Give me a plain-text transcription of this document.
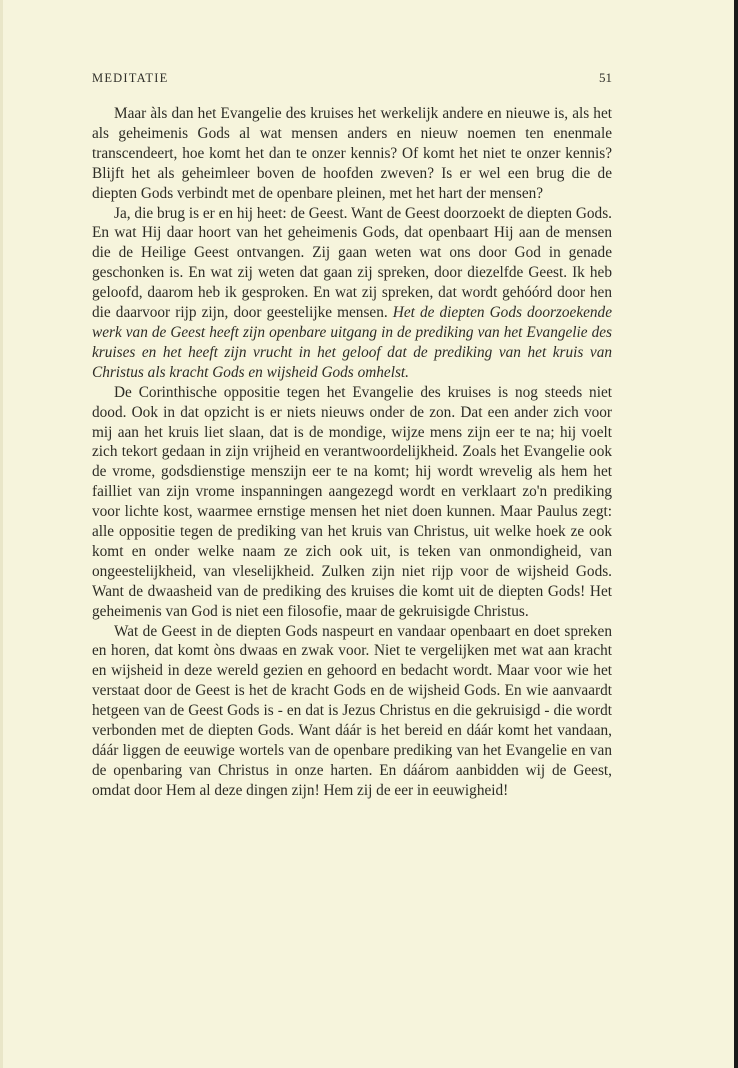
MEDITATIE	51

Maar àls dan het Evangelie des kruises het werkelijk andere en nieuwe is, als het als geheimenis Gods al wat mensen anders en nieuw noemen ten enenmale transcendeert, hoe komt het dan te onzer kennis? Of komt het niet te onzer kennis? Blijft het als geheimleer boven de hoofden zweven? Is er wel een brug die de diepten Gods verbindt met de openbare pleinen, met het hart der mensen?

Ja, die brug is er en hij heet: de Geest. Want de Geest doorzoekt de diepten Gods. En wat Hij daar hoort van het geheimenis Gods, dat openbaart Hij aan de mensen die de Heilige Geest ontvangen. Zij gaan weten wat ons door God in genade geschonken is. En wat zij weten dat gaan zij spreken, door diezelfde Geest. Ik heb geloofd, daarom heb ik gesproken. En wat zij spreken, dat wordt gehóórd door hen die daarvoor rijp zijn, door geestelijke mensen. Het de diepten Gods doorzoekende werk van de Geest heeft zijn openbare uitgang in de prediking van het Evangelie des kruises en het heeft zijn vrucht in het geloof dat de prediking van het kruis van Christus als kracht Gods en wijsheid Gods omhelst.

De Corinthische oppositie tegen het Evangelie des kruises is nog steeds niet dood. Ook in dat opzicht is er niets nieuws onder de zon. Dat een ander zich voor mij aan het kruis liet slaan, dat is de mondige, wijze mens zijn eer te na; hij voelt zich tekort gedaan in zijn vrijheid en verantwoordelijkheid. Zoals het Evangelie ook de vrome, godsdienstige menszijn eer te na komt; hij wordt wrevelig als hem het failliet van zijn vrome inspanningen aangezegd wordt en verklaart zo'n prediking voor lichte kost, waarmee ernstige mensen het niet doen kunnen. Maar Paulus zegt: alle oppositie tegen de prediking van het kruis van Christus, uit welke hoek ze ook komt en onder welke naam ze zich ook uit, is teken van onmondigheid, van ongeestelijkheid, van vleselijkheid. Zulken zijn niet rijp voor de wijsheid Gods. Want de dwaasheid van de prediking des kruises die komt uit de diepten Gods! Het geheimenis van God is niet een filosofie, maar de gekruisigde Christus.

Wat de Geest in de diepten Gods naspeurt en vandaar openbaart en doet spreken en horen, dat komt òns dwaas en zwak voor. Niet te vergelijken met wat aan kracht en wijsheid in deze wereld gezien en gehoord en bedacht wordt. Maar voor wie het verstaat door de Geest is het de kracht Gods en de wijsheid Gods. En wie aanvaardt hetgeen van de Geest Gods is - en dat is Jezus Christus en die gekruisigd - die wordt verbonden met de diepten Gods. Want dáár is het bereid en dáár komt het vandaan, dáár liggen de eeuwige wortels van de openbare prediking van het Evangelie en van de openbaring van Christus in onze harten. En dáárom aanbidden wij de Geest, omdat door Hem al deze dingen zijn! Hem zij de eer in eeuwigheid!
